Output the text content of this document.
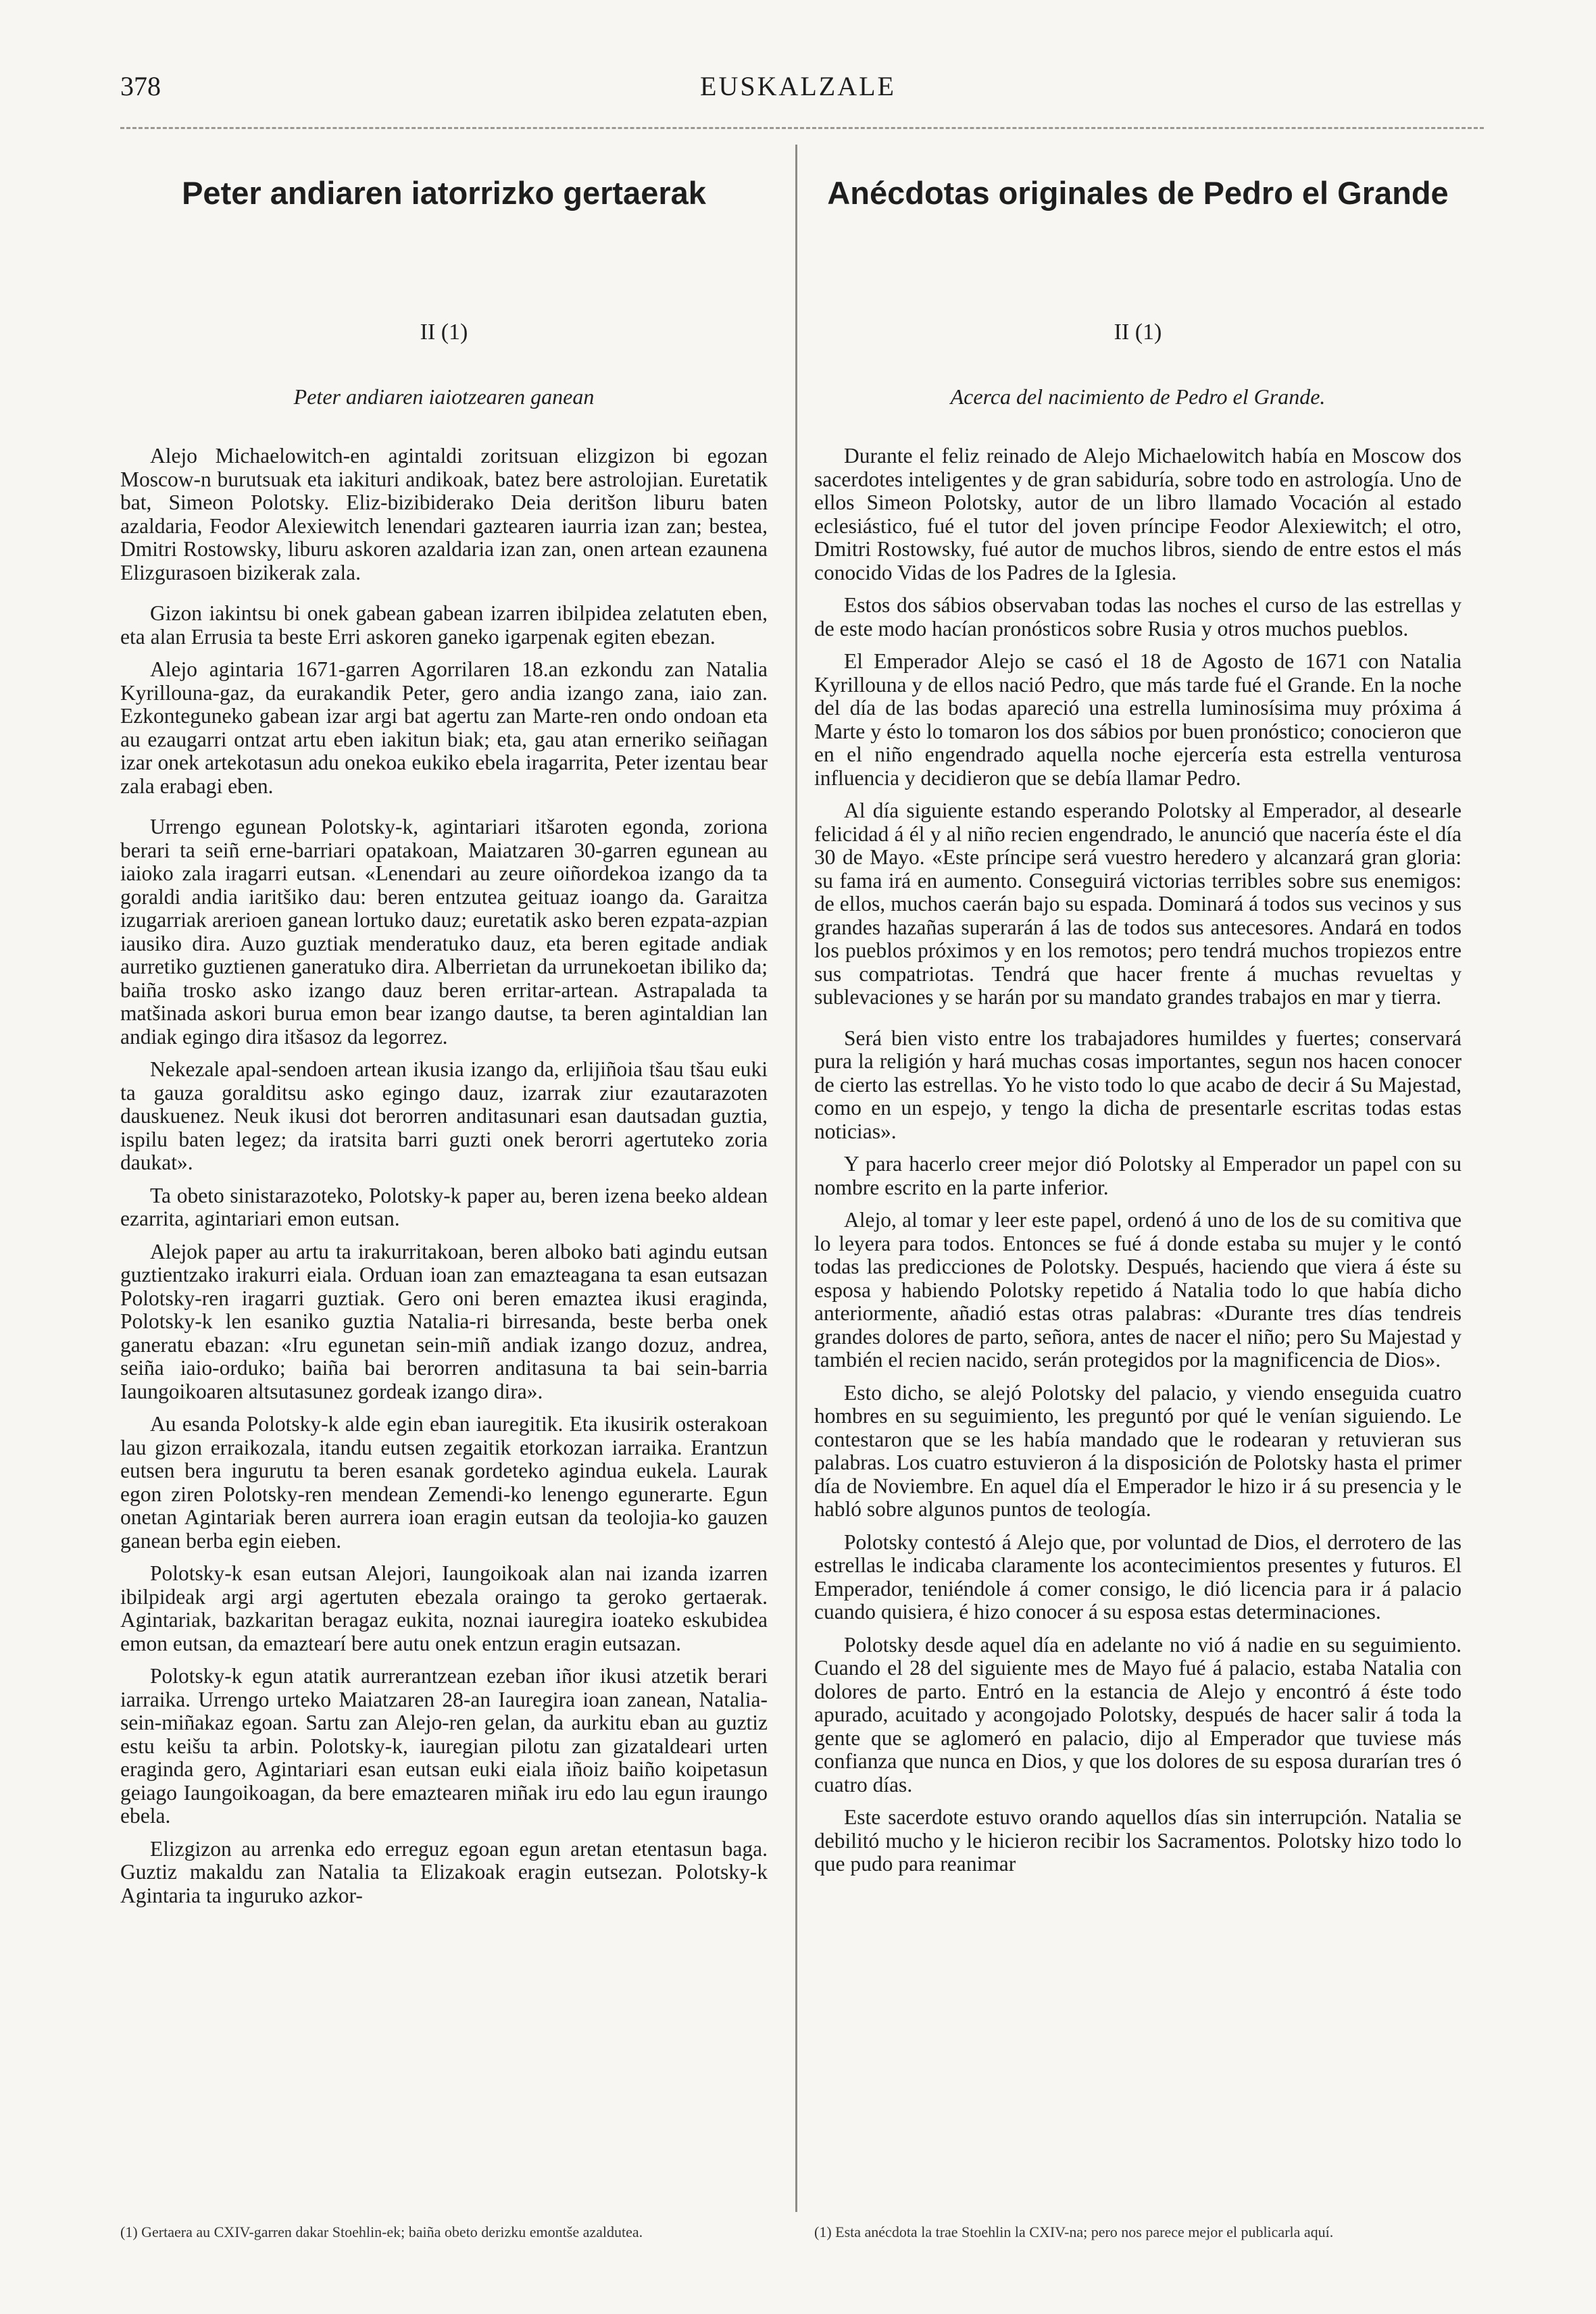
378	EUSKALZALE
Peter andiaren iatorrizko gertaerak
II (1)
Peter andiaren iaiotzearen ganean

Alejo Michaelowitch-en agintaldi zoritsuan elizgizon bi egozan Moscow-n burutsuak eta iakituri andikoak, batez bere astrolojian. Euretatik bat, Simeon Polotsky. Eliz-bizibiderako Deia deritšon liburu baten azaldaria, Feodor Alexiewitch lenendari gaztearen iaurria izan zan; bestea, Dmitri Rostowsky, liburu askoren azaldaria izan zan, onen artean ezaunena Elizgurasoen bizikerak zala.

Gizon iakintsu bi onek gabean gabean izarren ibilpidea zelatuten eben, eta alan Errusia ta beste Erri askoren ganeko igarpenak egiten ebezan.

Alejo agintaria 1671-garren Agorrilaren 18.an ezkondu zan Natalia Kyrillouna-gaz, da eurakandik Peter, gero andia izango zana, iaio zan. Ezkonteguneko gabean izar argi bat agertu zan Marte-ren ondo ondoan eta au ezaugarri ontzat artu eben iakitun biak; eta, gau atan erneriko seiñagan izar onek artekotasun adu onekoa eukiko ebela iragarrita, Peter izentau bear zala erabagi eben.

Urrengo egunean Polotsky-k, agintariari itšaroten egonda, zoriona berari ta seiñ erne-barriari opatakoan, Maiatzaren 30-garren egunean au iaioko zala iragarri eutsan. «Lenendari au zeure oiñordekoa izango da ta goraldi andia iaritšiko dau: beren entzutea geituaz ioango da. Garaitza izugarriak arerioen ganean lortuko dauz; euretatik asko beren ezpata-azpian iausiko dira. Auzo guztiak menderatuko dauz, eta beren egitade andiak aurretiko guztienen ganeratuko dira. Alberrietan da urrunekoetan ibiliko da; baiña trosko asko izango dauz beren erritar-artean. Astrapalada ta matšinada askori burua emon bear izango dautse, ta beren agintaldian lan andiak egingo dira itšasoz da legorrez.

Nekezale apal-sendoen artean ikusia izango da, erlijiñoia tšau tšau euki ta gauza goralditsu asko egingo dauz, izarrak ziur ezautarazoten dauskuenez. Neuk ikusi dot berorren anditasunari esan dautsadan guztia, ispilu baten legez; da iratsita barri guzti onek berorri agertuteko zoria daukat».

Ta obeto sinistarazoteko, Polotsky-k paper au, beren izena beeko aldean ezarrita, agintariari emon eutsan.

Alejok paper au artu ta irakurritakoan, beren alboko bati agindu eutsan guztientzako irakurri eiala. Orduan ioan zan emazteagana ta esan eutsazan Polotsky-ren iragarri guztiak. Gero oni beren emaztea ikusi eraginda, Polotsky-k len esaniko guztia Natalia-ri birresanda, beste berba onek ganeratu ebazan: «Iru egunetan sein-miñ andiak izango dozuz, andrea, seiña iaio-orduko; baiña bai berorren anditasuna ta bai sein-barria Iaungoikoaren altsutasunez gordeak izango dira».

Au esanda Polotsky-k alde egin eban iauregitik. Eta ikusirik osterakoan lau gizon erraikozala, itandu eutsen zegaitik etorkozan iarraika. Erantzun eutsen bera ingurutu ta beren esanak gordeteko agindua eukela. Laurak egon ziren Polotsky-ren mendean Zemendi-ko lenengo egunerarte. Egun onetan Agintariak beren aurrera ioan eragin eutsan da teolojia-ko gauzen ganean berba egin eieben.

Polotsky-k esan eutsan Alejori, Iaungoikoak alan nai izanda izarren ibilpideak argi argi agertuten ebezala oraingo ta geroko gertaerak. Agintariak, bazkaritan beragaz eukita, noznai iauregira ioateko eskubidea emon eutsan, da emaztearí bere autu onek entzun eragin eutsazan.

Polotsky-k egun atatik aurrerantzean ezeban iñor ikusi atzetik berari iarraika. Urrengo urteko Maiatzaren 28-an Iauregira ioan zanean, Natalia-sein-miñakaz egoan. Sartu zan Alejo-ren gelan, da aurkitu eban au guztiz estu keišu ta arbin. Polotsky-k, iauregian pilotu zan gizataldeari urten eraginda gero, Agintariari esan eutsan euki eiala iñoiz baiño koipetasun geiago Iaungoikoagan, da bere emaztearen miñak iru edo lau egun iraungo ebela.

Elizgizon au arrenka edo erreguz egoan egun aretan etentasun baga. Guztiz makaldu zan Natalia ta Elizakoak eragin eutsezan. Polotsky-k Agintaria ta inguruko azkor-

Anécdotas originales de Pedro el Grande
II (1)
Acerca del nacimiento de Pedro el Grande.

Durante el feliz reinado de Alejo Michaelowitch había en Moscow dos sacerdotes inteligentes y de gran sabiduría, sobre todo en astrología. Uno de ellos Simeon Polotsky, autor de un libro llamado Vocación al estado eclesiástico, fué el tutor del joven príncipe Feodor Alexiewitch; el otro, Dmitri Rostowsky, fué autor de muchos libros, siendo de entre estos el más conocido Vidas de los Padres de la Iglesia.

Estos dos sábios observaban todas las noches el curso de las estrellas y de este modo hacían pronósticos sobre Rusia y otros muchos pueblos.

El Emperador Alejo se casó el 18 de Agosto de 1671 con Natalia Kyrillouna y de ellos nació Pedro, que más tarde fué el Grande. En la noche del día de las bodas apareció una estrella luminosísima muy próxima á Marte y ésto lo tomaron los dos sábios por buen pronóstico; conocieron que en el niño engendrado aquella noche ejercería esta estrella venturosa influencia y decidieron que se debía llamar Pedro.

Al día siguiente estando esperando Polotsky al Emperador, al desearle felicidad á él y al niño recien engendrado, le anunció que nacería éste el día 30 de Mayo. «Este príncipe será vuestro heredero y alcanzará gran gloria: su fama irá en aumento. Conseguirá victorias terribles sobre sus enemigos: de ellos, muchos caerán bajo su espada. Dominará á todos sus vecinos y sus grandes hazañas superarán á las de todos sus antecesores. Andará en todos los pueblos próximos y en los remotos; pero tendrá muchos tropiezos entre sus compatriotas. Tendrá que hacer frente á muchas revueltas y sublevaciones y se harán por su mandato grandes trabajos en mar y tierra.

Será bien visto entre los trabajadores humildes y fuertes; conservará pura la religión y hará muchas cosas importantes, segun nos hacen conocer de cierto las estrellas. Yo he visto todo lo que acabo de decir á Su Majestad, como en un espejo, y tengo la dicha de presentarle escritas todas estas noticias».

Y para hacerlo creer mejor dió Polotsky al Emperador un papel con su nombre escrito en la parte inferior.

Alejo, al tomar y leer este papel, ordenó á uno de los de su comitiva que lo leyera para todos. Entonces se fué á donde estaba su mujer y le contó todas las predicciones de Polotsky. Después, haciendo que viera á éste su esposa y habiendo Polotsky repetido á Natalia todo lo que había dicho anteriormente, añadió estas otras palabras: «Durante tres días tendreis grandes dolores de parto, señora, antes de nacer el niño; pero Su Majestad y también el recien nacido, serán protegidos por la magnificencia de Dios».

Esto dicho, se alejó Polotsky del palacio, y viendo enseguida cuatro hombres en su seguimiento, les preguntó por qué le venían siguiendo. Le contestaron que se les había mandado que le rodearan y retuvieran sus palabras. Los cuatro estuvieron á la disposición de Polotsky hasta el primer día de Noviembre. En aquel día el Emperador le hizo ir á su presencia y le habló sobre algunos puntos de teología.

Polotsky contestó á Alejo que, por voluntad de Dios, el derrotero de las estrellas le indicaba claramente los acontecimientos presentes y futuros. El Emperador, teniéndole á comer consigo, le dió licencia para ir á palacio cuando quisiera, é hizo conocer á su esposa estas determinaciones.

Polotsky desde aquel día en adelante no vió á nadie en su seguimiento. Cuando el 28 del siguiente mes de Mayo fué á palacio, estaba Natalia con dolores de parto. Entró en la estancia de Alejo y encontró á éste todo apurado, acuitado y acongojado Polotsky, después de hacer salir á toda la gente que se aglomeró en palacio, dijo al Emperador que tuviese más confianza que nunca en Dios, y que los dolores de su esposa durarían tres ó cuatro días.

Este sacerdote estuvo orando aquellos días sin interrupción. Natalia se debilitó mucho y le hicieron recibir los Sacramentos. Polotsky hizo todo lo que pudo para reanimar

(1) Gertaera au CXIV-garren dakar Stoehlin-ek; baiña obeto derizku emontše azaldutea.	(1) Esta anécdota la trae Stoehlin la CXIV-na; pero nos parece mejor el publicarla aquí.
